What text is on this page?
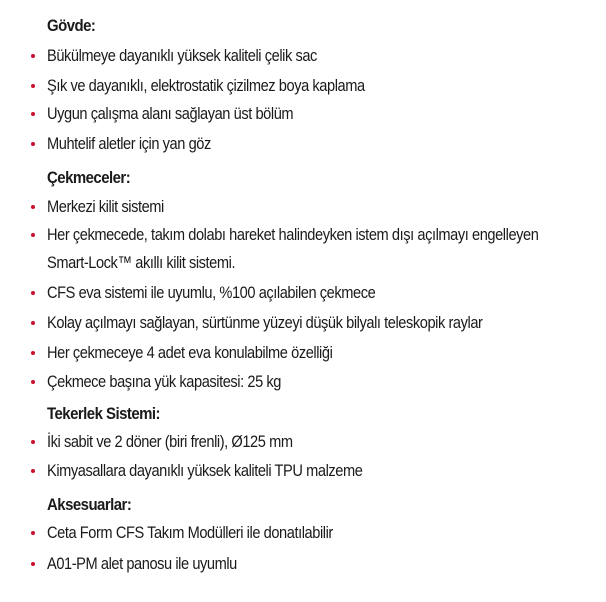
Gövde:
Bükülmeye dayanıklı yüksek kaliteli çelik sac
Şık ve dayanıklı, elektrostatik çizilmez boya kaplama
Uygun çalışma alanı sağlayan üst bölüm
Muhtelif aletler için yan göz
Çekmeceler:
Merkezi kilit sistemi
Her çekmecede, takım dolabı hareket halindeyken istem dışı açılmayı engelleyen
Smart-Lock™ akıllı kilit sistemi.
CFS eva sistemi ile uyumlu, %100 açılabilen çekmece
Kolay açılmayı sağlayan, sürtünme yüzeyi düşük bilyalı teleskopik raylar
Her çekmeceye 4 adet eva konulabilme özelliği
Çekmece başına yük kapasitesi: 25 kg
Tekerlek Sistemi:
İki sabit ve 2 döner (biri frenli), Ø125 mm
Kimyasallara dayanıklı yüksek kaliteli TPU malzeme
Aksesuarlar:
Ceta Form CFS Takım Modülleri ile donatılabilir
A01-PM alet panosu ile uyumlu
